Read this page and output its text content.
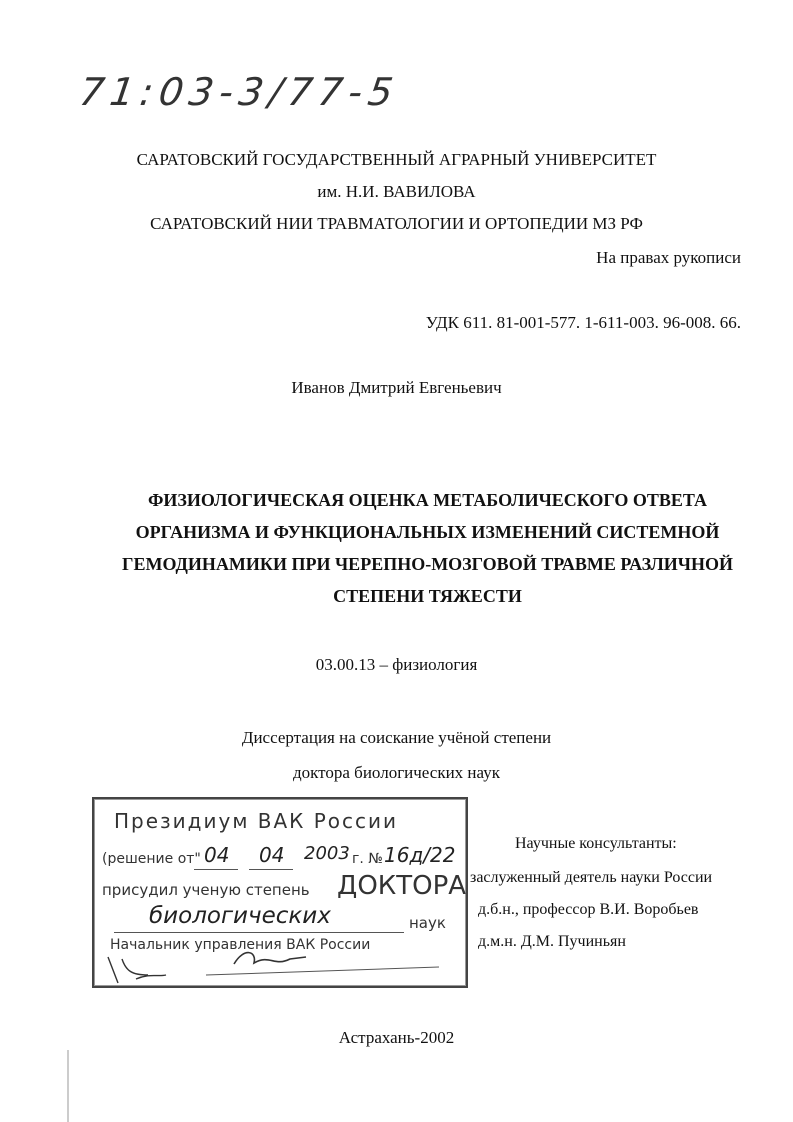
71:03-3/77-5
САРАТОВСКИЙ ГОСУДАРСТВЕННЫЙ АГРАРНЫЙ УНИВЕРСИТЕТ
им. Н.И. ВАВИЛОВА
САРАТОВСКИЙ НИИ ТРАВМАТОЛОГИИ И ОРТОПЕДИИ МЗ РФ
На правах рукописи
УДК 611. 81-001-577. 1-611-003. 96-008. 66.
Иванов Дмитрий Евгеньевич
ФИЗИОЛОГИЧЕСКАЯ ОЦЕНКА МЕТАБОЛИЧЕСКОГО ОТВЕТА
ОРГАНИЗМА И ФУНКЦИОНАЛЬНЫХ ИЗМЕНЕНИЙ СИСТЕМНОЙ
ГЕМОДИНАМИКИ ПРИ ЧЕРЕПНО-МОЗГОВОЙ ТРАВМЕ РАЗЛИЧНОЙ
СТЕПЕНИ ТЯЖЕСТИ
03.00.13 – физиология
Диссертация на соискание учёной степени
доктора биологических наук
Президиум ВАК России
(решение от" 04 04 2003 г. № 16д/22
присудил ученую степень ДОКТОРА
биологических	наук
Начальник управления ВАК России
Научные консультанты:
заслуженный деятель науки России
д.б.н., профессор В.И. Воробьев
д.м.н. Д.М. Пучиньян
Астрахань-2002
